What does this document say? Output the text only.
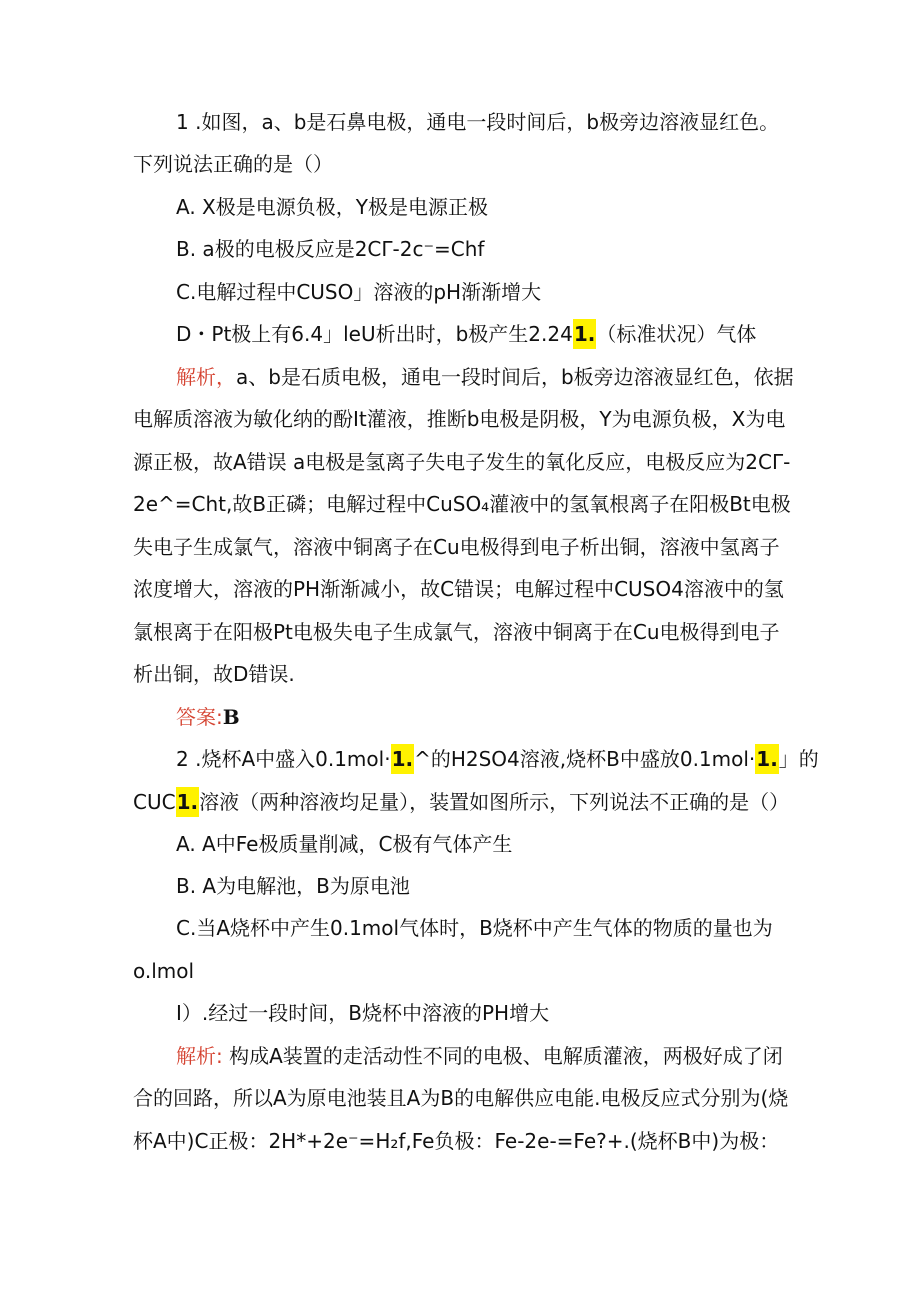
1 .如图，a、b是石鼻电极，通电一段时间后，b极旁边溶液显红色。
下列说法正确的是（）
A. X极是电源负极，Y极是电源正极
B. a极的电极反应是2CΓ-2c⁻=Chf
C.电解过程中CUSO」溶液的pH渐渐增大
D・Pt极上有6.4」leU析出时，b极产生2.241.（标准状况）气体
解析，a、b是石质电极，通电一段时间后，b板旁边溶液显红色，依据
电解质溶液为敏化纳的酚It灌液，推断b电极是阴极，Y为电源负极，X为电
源正极，故A错误 a电极是氢离子失电子发生的氧化反应，电极反应为2CΓ-
2e^=Cht,故B正磷；电解过程中CuSO₄灌液中的氢氧根离子在阳极Bt电极
失电子生成氯气，溶液中铜离子在Cu电极得到电子析出铜，溶液中氢离子
浓度增大，溶液的PH渐渐减小，故C错误；电解过程中CUSO4溶液中的氢
氯根离于在阳极Pt电极失电子生成氯气，溶液中铜离于在Cu电极得到电子
析出铜，故D错误.
答案:B
2 .烧杯A中盛入0.1mol·1.^的H2SO4溶液,烧杯B中盛放0.1mol·1.」的
CUC1.溶液（两种溶液均足量），装置如图所示，下列说法不正确的是（）
A. A中Fe极质量削减，C极有气体产生
B. A为电解池，B为原电池
C.当A烧杯中产生0.1mol气体时，B烧杯中产生气体的物质的量也为
o.lmol
I）.经过一段时间，B烧杯中溶液的PH增大
解析: 构成A装置的走活动性不同的电极、电解质灌液，两极好成了闭
合的回路，所以A为原电池装且A为B的电解供应电能.电极反应式分别为(烧
杯A中)C正极：2H*+2e⁻=H₂f,Fe负极：Fe-2e-=Fe?+.(烧杯B中)为极：
